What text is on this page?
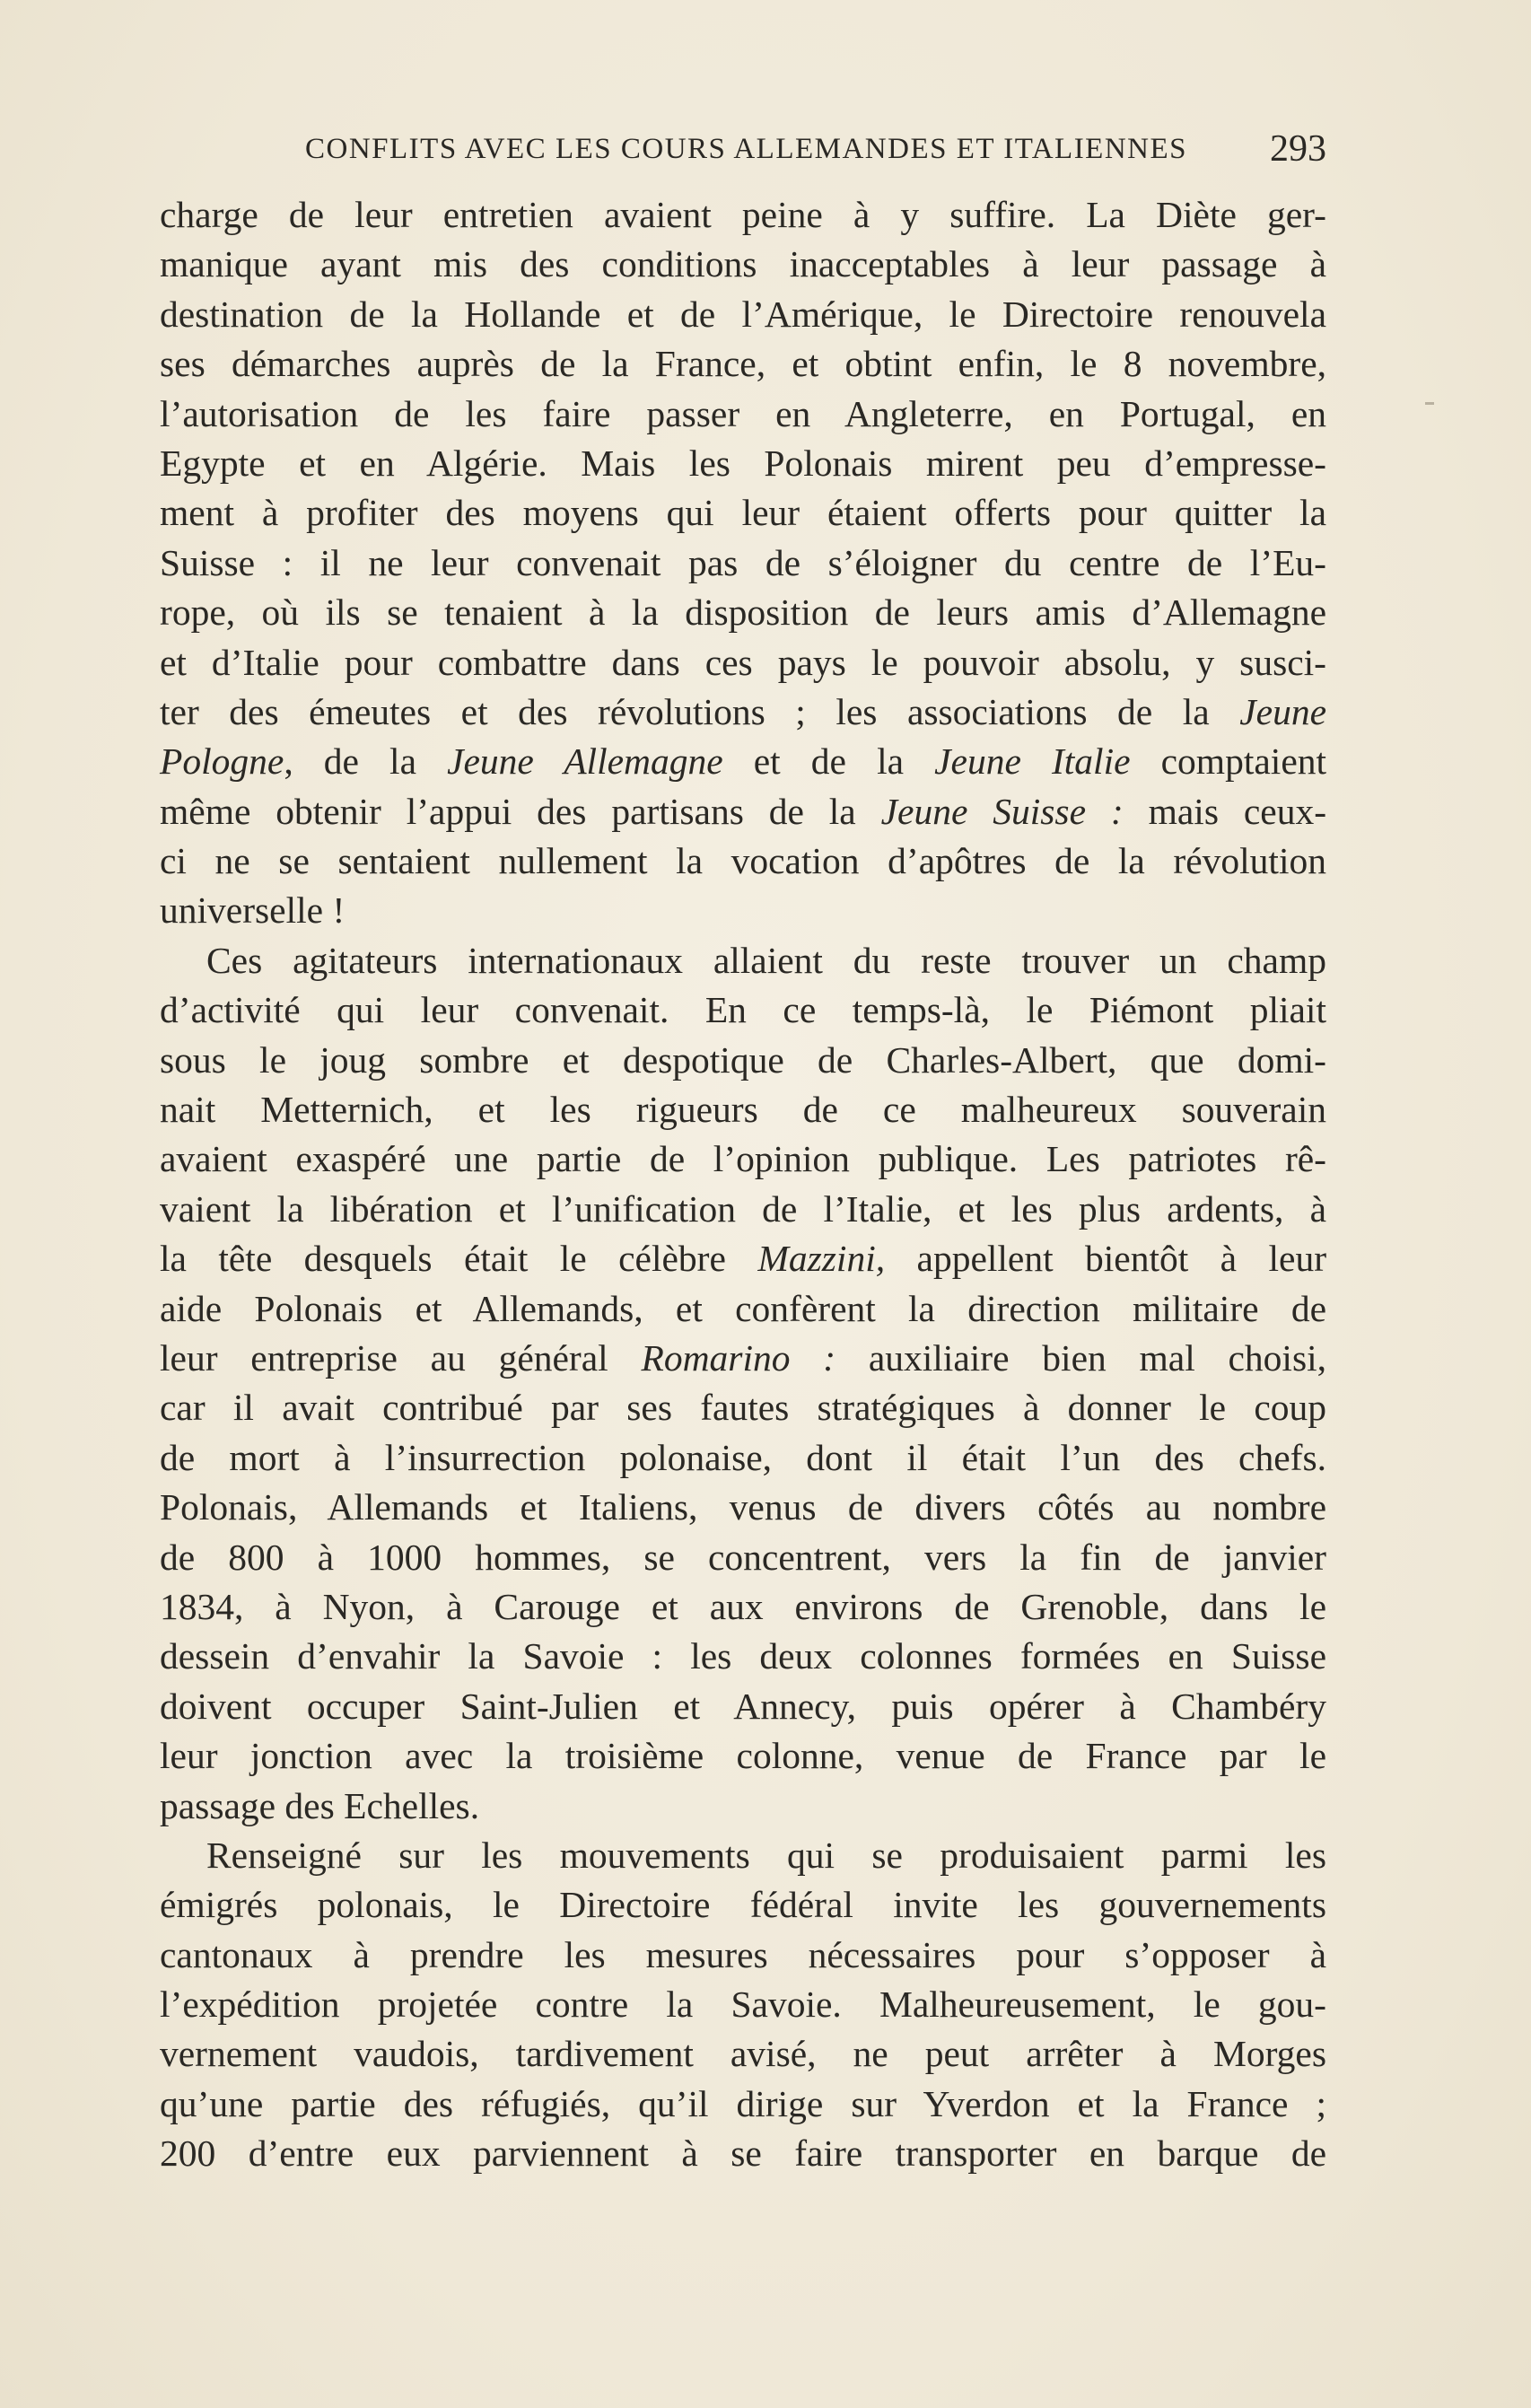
CONFLITS AVEC LES COURS ALLEMANDES ET ITALIENNES 293
charge de leur entretien avaient peine à y suffire. La Diète ger-
manique ayant mis des conditions inacceptables à leur passage à
destination de la Hollande et de l’Amérique, le Directoire renouvela
ses démarches auprès de la France, et obtint enfin, le 8 novembre,
l’autorisation de les faire passer en Angleterre, en Portugal, en
Egypte et en Algérie. Mais les Polonais mirent peu d’empresse-
ment à profiter des moyens qui leur étaient offerts pour quitter la
Suisse : il ne leur convenait pas de s’éloigner du centre de l’Eu-
rope, où ils se tenaient à la disposition de leurs amis d’Allemagne
et d’Italie pour combattre dans ces pays le pouvoir absolu, y susci-
ter des émeutes et des révolutions ; les associations de la Jeune
Pologne, de la Jeune Allemagne et de la Jeune Italie comptaient
même obtenir l’appui des partisans de la Jeune Suisse : mais ceux-
ci ne se sentaient nullement la vocation d’apôtres de la révolution
universelle !
Ces agitateurs internationaux allaient du reste trouver un champ
d’activité qui leur convenait. En ce temps-là, le Piémont pliait
sous le joug sombre et despotique de Charles-Albert, que domi-
nait Metternich, et les rigueurs de ce malheureux souverain
avaient exaspéré une partie de l’opinion publique. Les patriotes rê-
vaient la libération et l’unification de l’Italie, et les plus ardents, à
la tête desquels était le célèbre Mazzini, appellent bientôt à leur
aide Polonais et Allemands, et confèrent la direction militaire de
leur entreprise au général Romarino : auxiliaire bien mal choisi,
car il avait contribué par ses fautes stratégiques à donner le coup
de mort à l’insurrection polonaise, dont il était l’un des chefs.
Polonais, Allemands et Italiens, venus de divers côtés au nombre
de 800 à 1000 hommes, se concentrent, vers la fin de janvier
1834, à Nyon, à Carouge et aux environs de Grenoble, dans le
dessein d’envahir la Savoie : les deux colonnes formées en Suisse
doivent occuper Saint-Julien et Annecy, puis opérer à Chambéry
leur jonction avec la troisième colonne, venue de France par le
passage des Echelles.
Renseigné sur les mouvements qui se produisaient parmi les
émigrés polonais, le Directoire fédéral invite les gouvernements
cantonaux à prendre les mesures nécessaires pour s’opposer à
l’expédition projetée contre la Savoie. Malheureusement, le gou-
vernement vaudois, tardivement avisé, ne peut arrêter à Morges
qu’une partie des réfugiés, qu’il dirige sur Yverdon et la France ;
200 d’entre eux parviennent à se faire transporter en barque de
